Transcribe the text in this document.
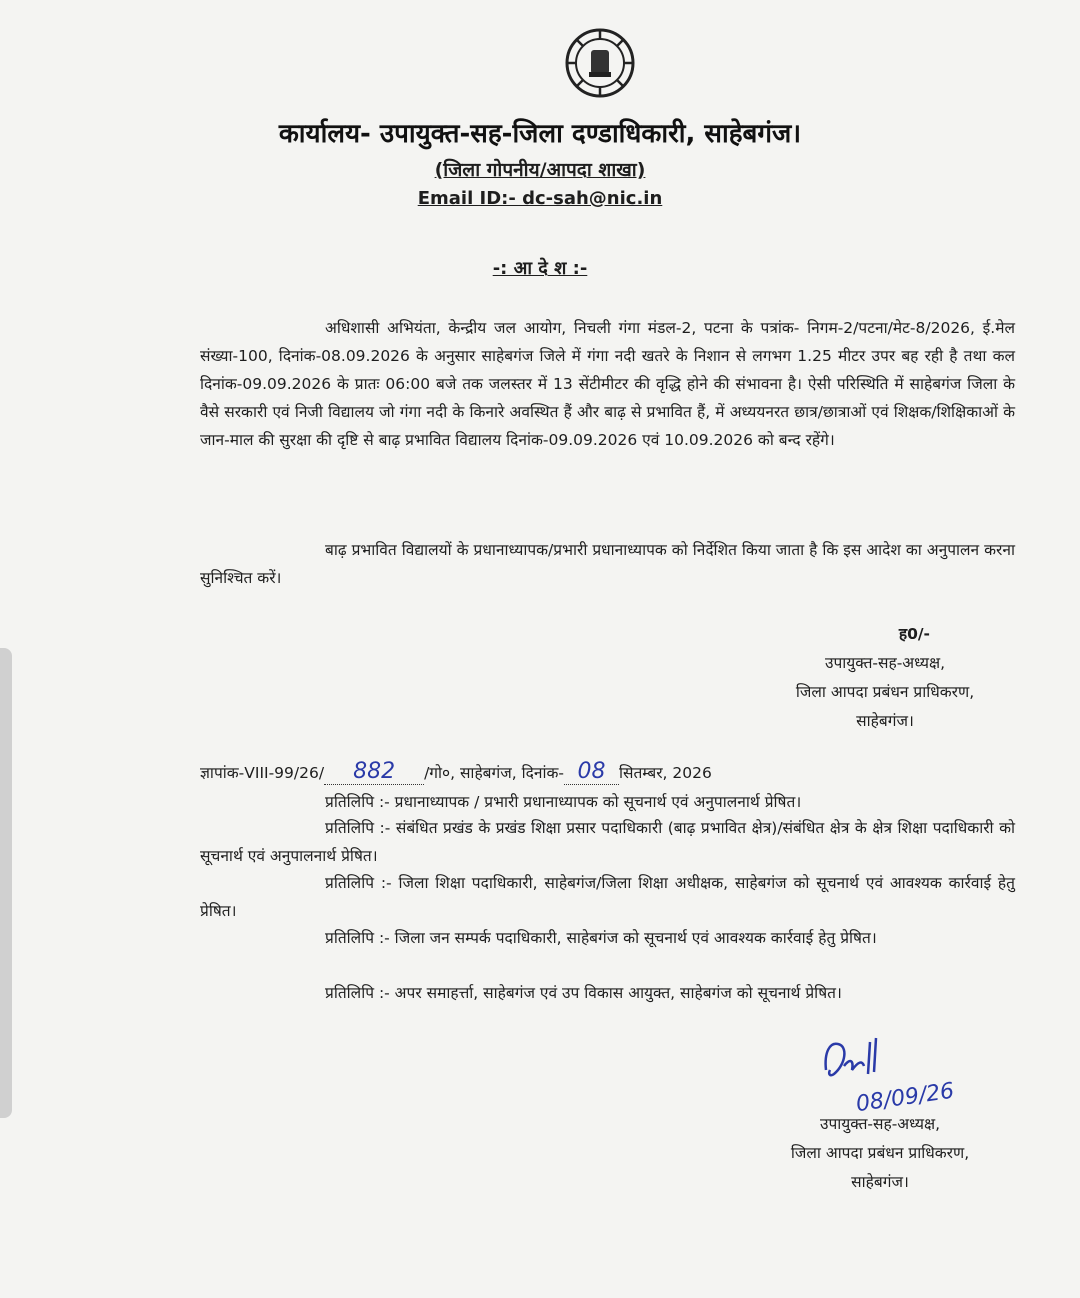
कार्यालय- उपायुक्त-सह-जिला दण्डाधिकारी, साहेबगंज।
(जिला गोपनीय/आपदा शाखा)
Email ID:- dc-sah@nic.in
-: आ दे श :-
अधिशासी अभियंता, केन्द्रीय जल आयोग, निचली गंगा मंडल-2, पटना के पत्रांक- निगम-2/पटना/मेट-8/2026, ई.मेल संख्या-100, दिनांक-08.09.2026 के अनुसार साहेबगंज जिले में गंगा नदी खतरे के निशान से लगभग 1.25 मीटर उपर बह रही है तथा कल दिनांक-09.09.2026 के प्रातः 06:00 बजे तक जलस्तर में 13 सेंटीमीटर की वृद्धि होने की संभावना है। ऐसी परिस्थिति में साहेबगंज जिला के वैसे सरकारी एवं निजी विद्यालय जो गंगा नदी के किनारे अवस्थित हैं और बाढ़ से प्रभावित हैं, में अध्ययनरत छात्र/छात्राओं एवं शिक्षक/शिक्षिकाओं के जान-माल की सुरक्षा की दृष्टि से बाढ़ प्रभावित विद्यालय दिनांक-09.09.2026 एवं 10.09.2026 को बन्द रहेंगे।
बाढ़ प्रभावित विद्यालयों के प्रधानाध्यापक/प्रभारी प्रधानाध्यापक को निर्देशित किया जाता है कि इस आदेश का अनुपालन करना सुनिश्चित करें।
ह0/-
उपायुक्त-सह-अध्यक्ष,
जिला आपदा प्रबंधन प्राधिकरण,
साहेबगंज।
ज्ञापांक-VIII-99/26/ 882 /गो०, साहेबगंज, दिनांक- 08 सितम्बर, 2026
प्रतिलिपि :- प्रधानाध्यापक / प्रभारी प्रधानाध्यापक को सूचनार्थ एवं अनुपालनार्थ प्रेषित।
प्रतिलिपि :- संबंधित प्रखंड के प्रखंड शिक्षा प्रसार पदाधिकारी (बाढ़ प्रभावित क्षेत्र)/संबंधित क्षेत्र के क्षेत्र शिक्षा पदाधिकारी को सूचनार्थ एवं अनुपालनार्थ प्रेषित।
प्रतिलिपि :- जिला शिक्षा पदाधिकारी, साहेबगंज/जिला शिक्षा अधीक्षक, साहेबगंज को सूचनार्थ एवं आवश्यक कार्रवाई हेतु प्रेषित।
प्रतिलिपि :- जिला जन सम्पर्क पदाधिकारी, साहेबगंज को सूचनार्थ एवं आवश्यक कार्रवाई हेतु प्रेषित।
प्रतिलिपि :- अपर समाहर्त्ता, साहेबगंज एवं उप विकास आयुक्त, साहेबगंज को सूचनार्थ प्रेषित।
08/09/26
उपायुक्त-सह-अध्यक्ष,
जिला आपदा प्रबंधन प्राधिकरण,
साहेबगंज।
